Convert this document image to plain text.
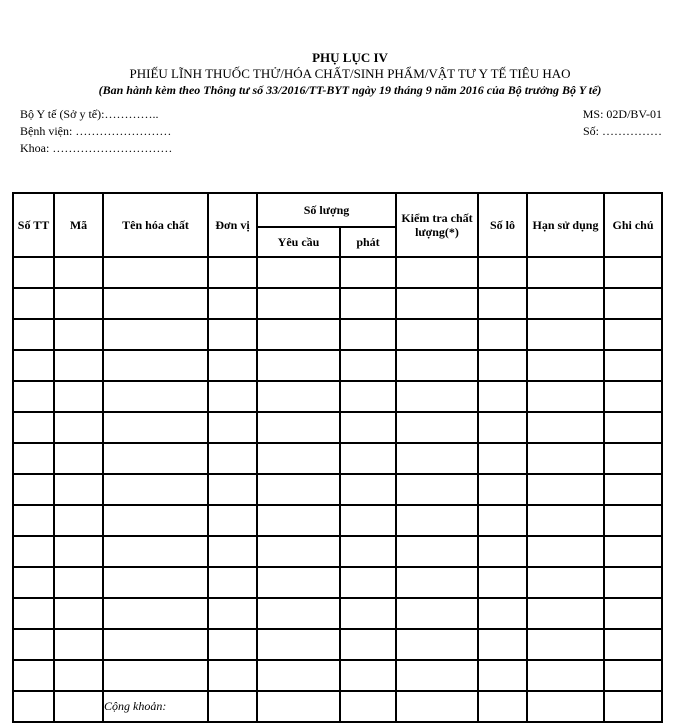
PHỤ LỤC IV
PHIẾU LĨNH THUỐC THỬ/HÓA CHẤT/SINH PHẨM/VẬT TƯ Y TẾ TIÊU HAO
(Ban hành kèm theo Thông tư số 33/2016/TT-BYT ngày 19 tháng 9 năm 2016 của Bộ trưởng Bộ Y tế)
Bộ Y tế (Sở y tế):…………..
Bệnh viện: ……………………
Khoa: …………………………
MS: 02D/BV-01
Số: ……………
Số TT	Mã	Tên hóa chất	Đơn vị	Số lượng		Kiểm tra chất lượng(*)	Số lô	Hạn sử dụng	Ghi chú
				Yêu cầu	phát				

		Cộng khoản:							
